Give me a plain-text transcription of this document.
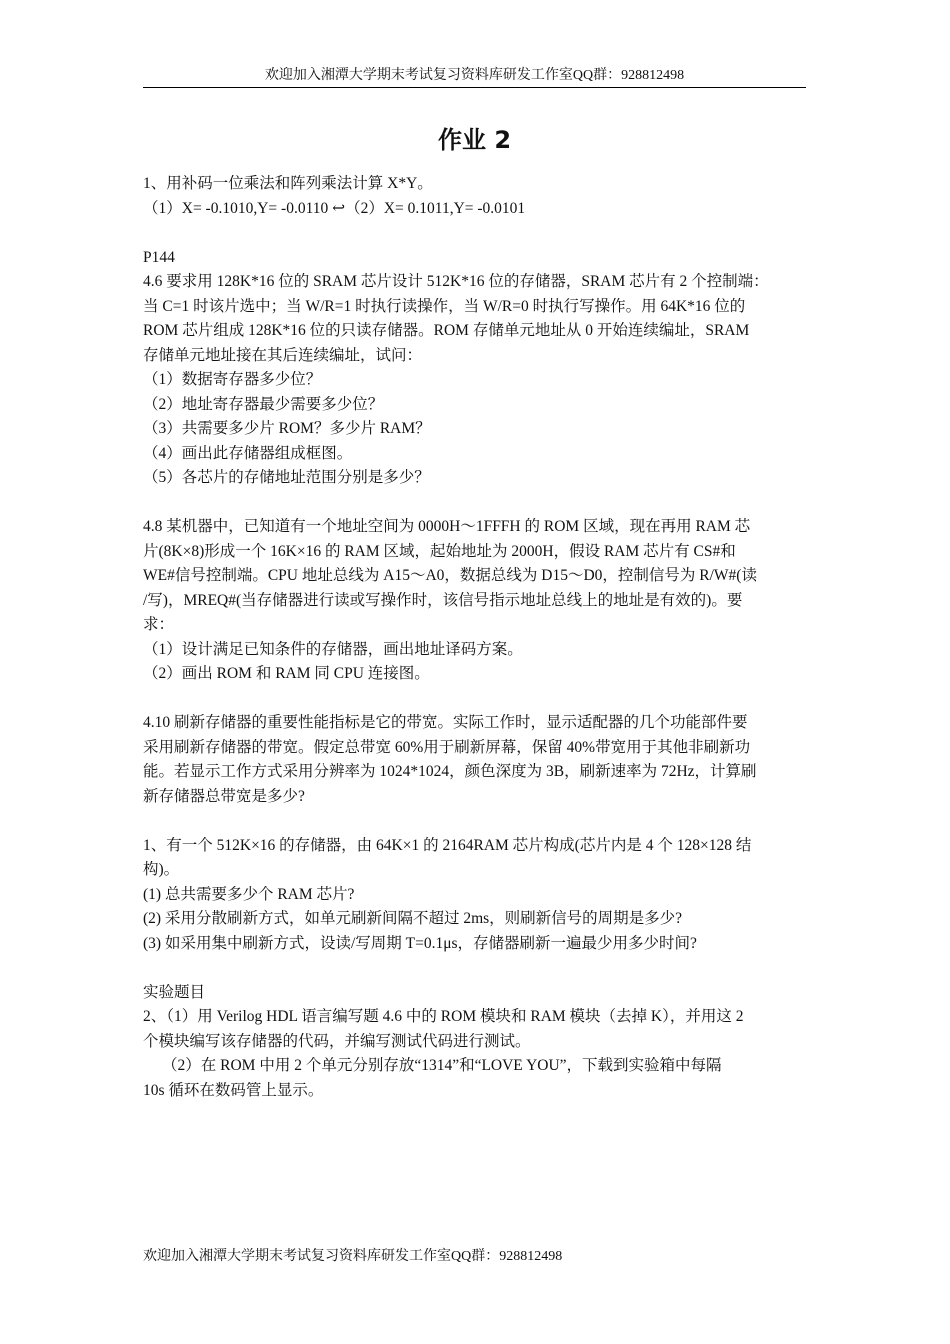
欢迎加入湘潭大学期末考试复习资料库研发工作室QQ群：928812498
作业 2
1、用补码一位乘法和阵列乘法计算 X*Y。
（1）X= -0.1010,Y= -0.0110 ↩（2）X= 0.1011,Y= -0.0101
P144
4.6 要求用 128K*16 位的 SRAM 芯片设计 512K*16 位的存储器，SRAM 芯片有 2 个控制端：
当 C=1 时该片选中；当 W/R=1 时执行读操作，当 W/R=0 时执行写操作。用 64K*16 位的
ROM 芯片组成 128K*16 位的只读存储器。ROM 存储单元地址从 0 开始连续编址，SRAM
存储单元地址接在其后连续编址，试问：
（1）数据寄存器多少位？
（2）地址寄存器最少需要多少位？
（3）共需要多少片 ROM？多少片 RAM？
（4）画出此存储器组成框图。
（5）各芯片的存储地址范围分别是多少？
4.8 某机器中，已知道有一个地址空间为 0000H～1FFFH 的 ROM 区域，现在再用 RAM 芯
片(8K×8)形成一个 16K×16 的 RAM 区域，起始地址为 2000H，假设 RAM 芯片有 CS#和
WE#信号控制端。CPU 地址总线为 A15～A0，数据总线为 D15～D0，控制信号为 R/W#(读
/写)，MREQ#(当存储器进行读或写操作时，该信号指示地址总线上的地址是有效的)。要
求：
（1）设计满足已知条件的存储器，画出地址译码方案。
（2）画出 ROM 和 RAM 同 CPU 连接图。
4.10 刷新存储器的重要性能指标是它的带宽。实际工作时，显示适配器的几个功能部件要
采用刷新存储器的带宽。假定总带宽 60%用于刷新屏幕，保留 40%带宽用于其他非刷新功
能。若显示工作方式采用分辨率为 1024*1024，颜色深度为 3B，刷新速率为 72Hz，计算刷
新存储器总带宽是多少?
1、有一个 512K×16 的存储器，由 64K×1 的 2164RAM 芯片构成(芯片内是 4 个 128×128 结
构)。
(1) 总共需要多少个 RAM 芯片?
(2) 采用分散刷新方式，如单元刷新间隔不超过 2ms，则刷新信号的周期是多少?
(3) 如采用集中刷新方式，设读/写周期 T=0.1μs，存储器刷新一遍最少用多少时间?
实验题目
2、（1）用 Verilog HDL 语言编写题 4.6 中的 ROM 模块和 RAM 模块（去掉 K），并用这 2
个模块编写该存储器的代码，并编写测试代码进行测试。
（2）在 ROM 中用 2 个单元分别存放“1314”和“LOVE YOU”，下载到实验箱中每隔
10s 循环在数码管上显示。
欢迎加入湘潭大学期末考试复习资料库研发工作室QQ群：928812498
